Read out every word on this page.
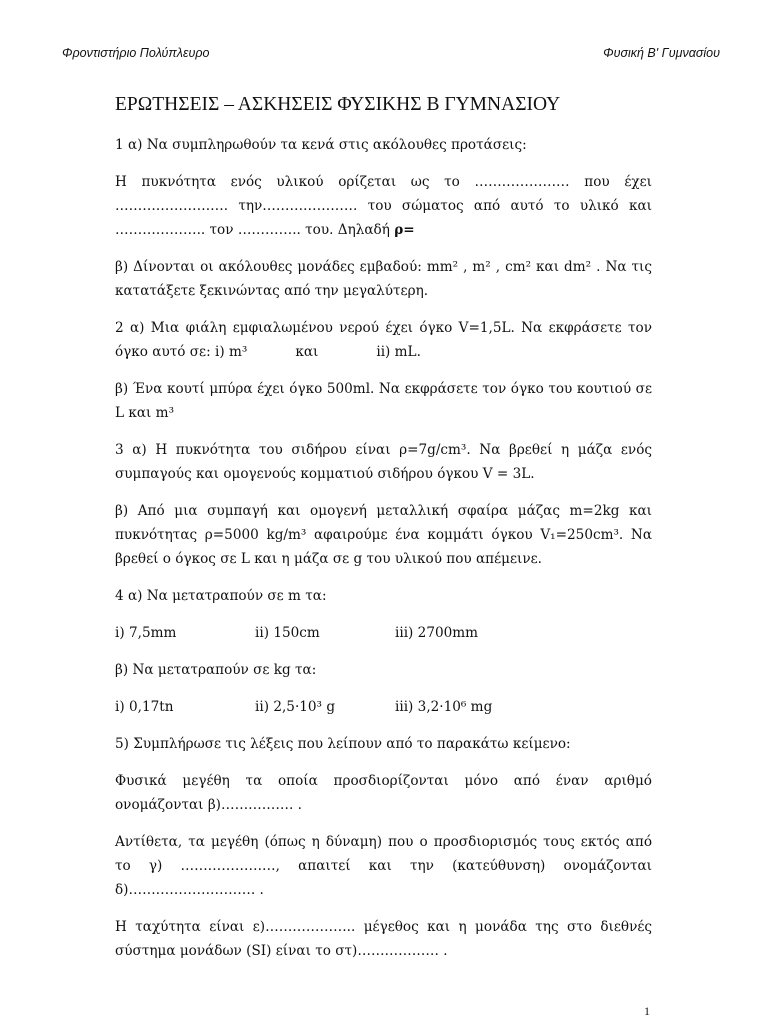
Φροντιστήριο Πολύπλευρο	Φυσική Β' Γυμνασίου
ΕΡΩΤΗΣΕΙΣ – ΑΣΚΗΣΕΙΣ ΦΥΣΙΚΗΣ Β ΓΥΜΝΑΣΙΟΥ

1 α) Να συμπληρωθούν τα κενά στις ακόλουθες προτάσεις:

Η πυκνότητα ενός υλικού ορίζεται ως το ………………… που έχει ……………………. την………………… του σώματος από αυτό το υλικό και ……………….. τον ………….. του. Δηλαδή ρ=

β) Δίνονται οι ακόλουθες μονάδες εμβαδού: mm² , m² , cm² και dm² . Να τις κατατάξετε ξεκινώντας από την μεγαλύτερη.

2 α) Μια φιάλη εμφιαλωμένου νερού έχει όγκο V=1,5L. Να εκφράσετε τον όγκο αυτό σε: i) m³	και	ii) mL.

β) Ένα κουτί μπύρα έχει όγκο 500ml. Να εκφράσετε τον όγκο του κουτιού σε L και m³

3 α) Η πυκνότητα του σιδήρου είναι ρ=7g/cm³. Να βρεθεί η μάζα ενός συμπαγούς και ομογενούς κομματιού σιδήρου όγκου V = 3L.

β) Από μια συμπαγή και ομογενή μεταλλική σφαίρα μάζας m=2kg και πυκνότητας ρ=5000 kg/m³ αφαιρούμε ένα κομμάτι όγκου V₁=250cm³. Να βρεθεί ο όγκος σε L και η μάζα σε g του υλικού που απέμεινε.

4 α) Να μετατραπούν σε m τα:

i) 7,5mm	ii) 150cm	iii) 2700mm

β) Να μετατραπούν σε kg τα:

i) 0,17tn	ii) 2,5·10³ g	iii) 3,2·10⁶ mg

5) Συμπλήρωσε τις λέξεις που λείπουν από το παρακάτω κείμενο:

Φυσικά μεγέθη τα οποία προσδιορίζονται μόνο από έναν αριθμό ονομάζονται β)……………. .

Αντίθετα, τα μεγέθη (όπως η δύναμη) που ο προσδιορισμός τους εκτός από το γ) …………………, απαιτεί και την (κατεύθυνση) ονομάζονται δ)………………………. .

Η ταχύτητα είναι ε)……………….. μέγεθος και η μονάδα της στο διεθνές σύστημα μονάδων (SI) είναι το στ)……………… .

1
